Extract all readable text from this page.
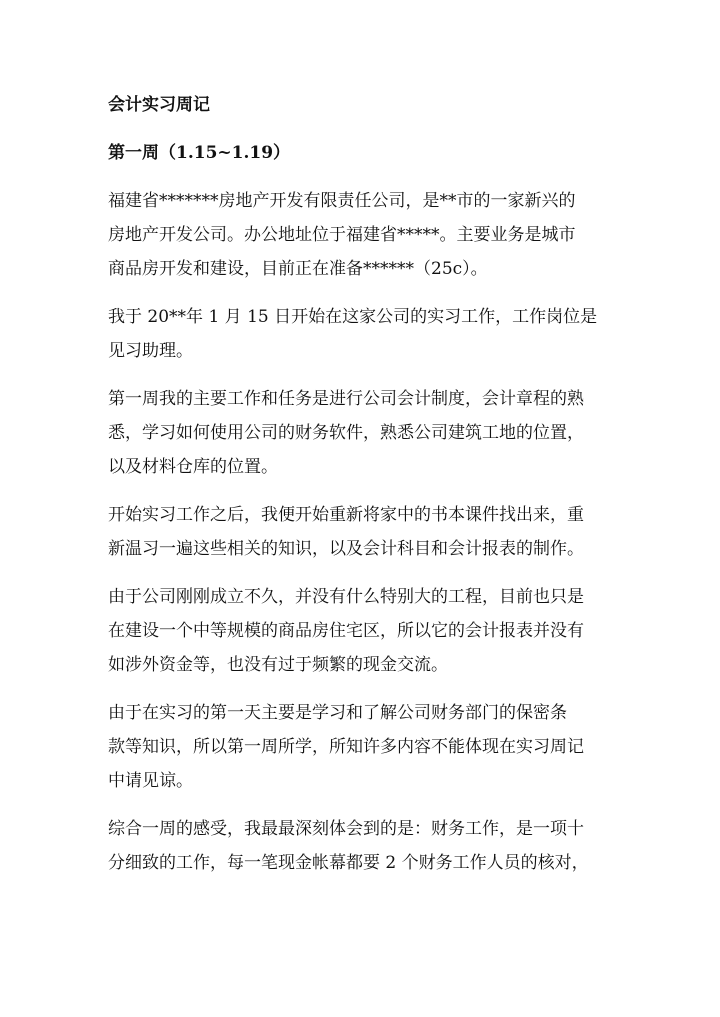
会计实习周记
第一周（1.15~1.19）
福建省*******房地产开发有限责任公司，是**市的一家新兴的
房地产开发公司。办公地址位于福建省*****。主要业务是城市
商品房开发和建设，目前正在准备******（25c）。
我于 20**年 1 月 15 日开始在这家公司的实习工作，工作岗位是
见习助理。
第一周我的主要工作和任务是进行公司会计制度，会计章程的熟
悉，学习如何使用公司的财务软件，熟悉公司建筑工地的位置，
以及材料仓库的位置。
开始实习工作之后，我便开始重新将家中的书本课件找出来，重
新温习一遍这些相关的知识，以及会计科目和会计报表的制作。
由于公司刚刚成立不久，并没有什么特别大的工程，目前也只是
在建设一个中等规模的商品房住宅区，所以它的会计报表并没有
如涉外资金等，也没有过于频繁的现金交流。
由于在实习的第一天主要是学习和了解公司财务部门的保密条
款等知识，所以第一周所学，所知许多内容不能体现在实习周记
中请见谅。
综合一周的感受，我最最深刻体会到的是：财务工作，是一项十
分细致的工作，每一笔现金帐幕都要 2 个财务工作人员的核对，
